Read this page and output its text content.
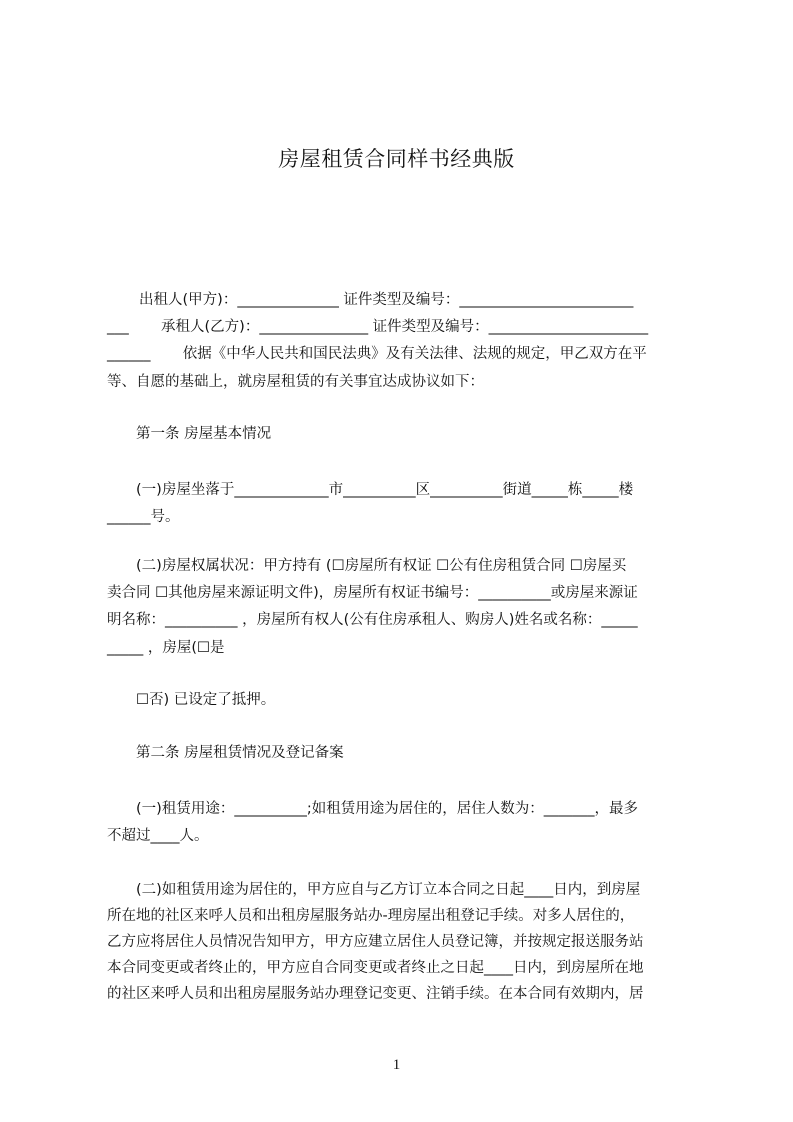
房屋租赁合同样书经典版
出租人(甲方)：______________ 证件类型及编号：________________________
___       承租人(乙方)：_______________ 证件类型及编号：______________________
______       依据《中华人民共和国民法典》及有关法律、法规的规定，甲乙双方在平
等、自愿的基础上，就房屋租赁的有关事宜达成协议如下：
第一条 房屋基本情况
(一)房屋坐落于_____________市__________区__________街道_____栋_____楼
______号。
(二)房屋权属状况：甲方持有 (☐房屋所有权证 ☐公有住房租赁合同 ☐房屋买
卖合同 ☐其他房屋来源证明文件)，房屋所有权证书编号：__________或房屋来源证
明名称：__________ ，房屋所有权人(公有住房承租人、购房人)姓名或名称：_____
_____ ，房屋(☐是
☐否) 已设定了抵押。
第二条 房屋租赁情况及登记备案
(一)租赁用途：__________;如租赁用途为居住的，居住人数为：_______，最多
不超过____人。
(二)如租赁用途为居住的，甲方应自与乙方订立本合同之日起____日内，到房屋
所在地的社区来呼人员和出租房屋服务站办-理房屋出租登记手续。对多人居住的，
乙方应将居住人员情况告知甲方，甲方应建立居住人员登记簿，并按规定报送服务站
本合同变更或者终止的，甲方应自合同变更或者终止之日起____日内，到房屋所在地
的社区来呼人员和出租房屋服务站办理登记变更、注销手续。在本合同有效期内，居
1
